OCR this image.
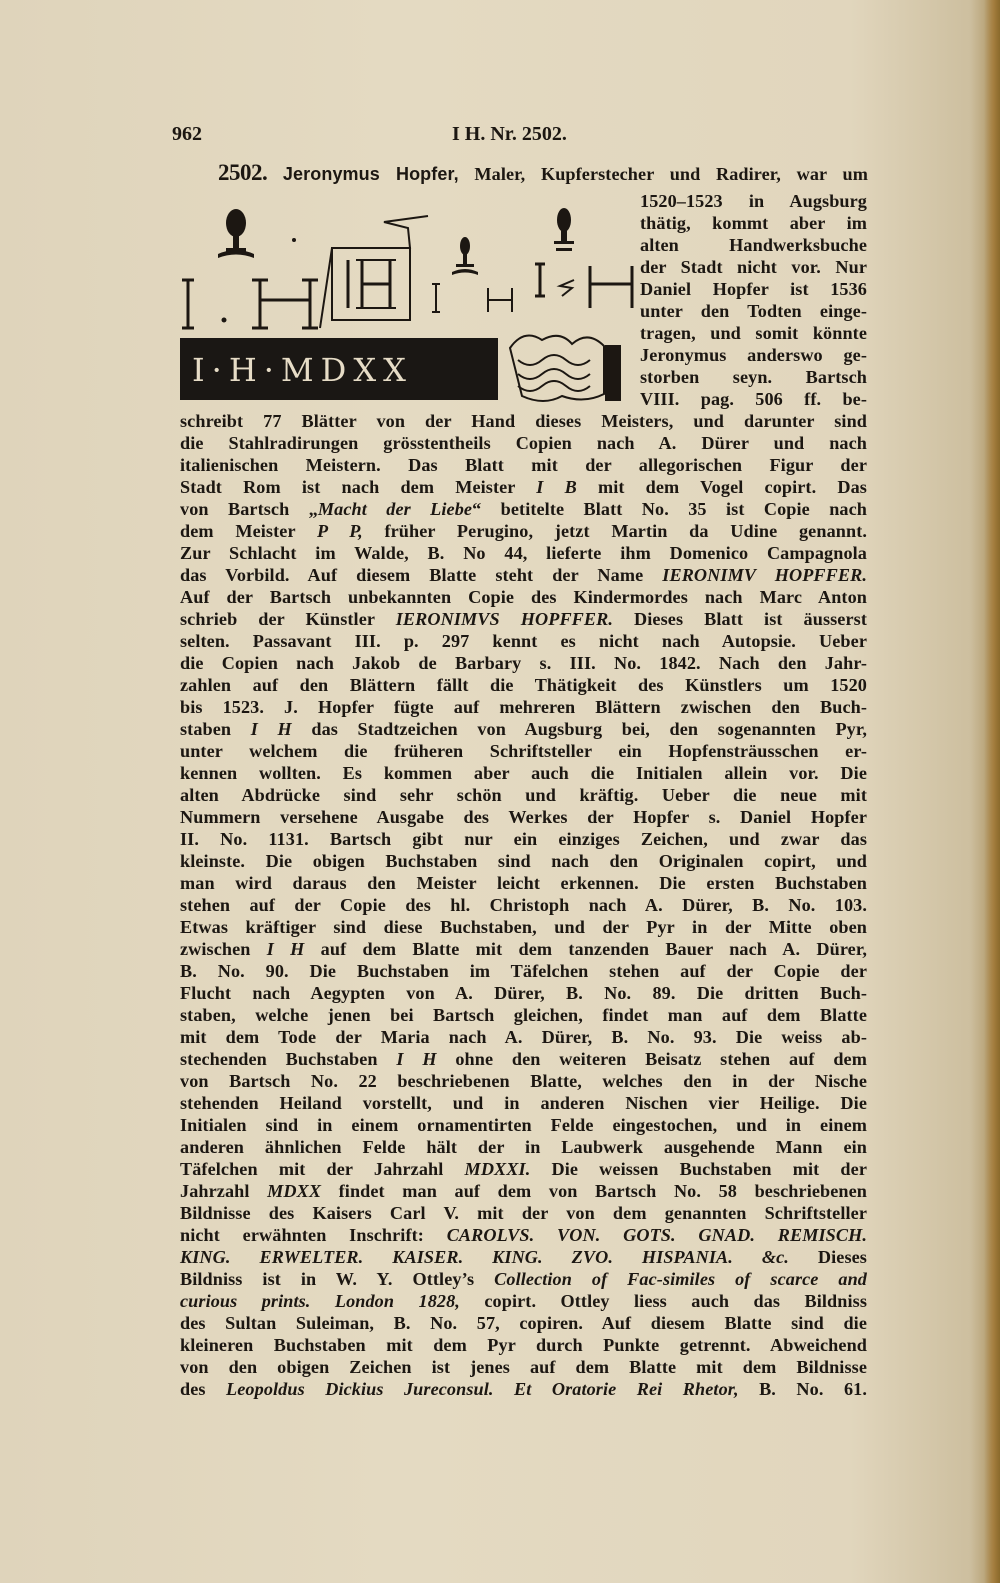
962	I H. Nr. 2502.
I·H·MDXX
2502. Jeronymus Hopfer, Maler, Kupferstecher und Radirer, war um
1520–1523 in Augsburg
thätig, kommt aber im
alten Handwerksbuche
der Stadt nicht vor. Nur
Daniel Hopfer ist 1536
unter den Todten einge-
tragen, und somit könnte
Jeronymus anderswo ge-
storben seyn. Bartsch
VIII. pag. 506 ff. be-
schreibt 77 Blätter von der Hand dieses Meisters, und darunter sind
die Stahlradirungen grösstentheils Copien nach A. Dürer und nach
italienischen Meistern. Das Blatt mit der allegorischen Figur der
Stadt Rom ist nach dem Meister I B mit dem Vogel copirt. Das
von Bartsch „Macht der Liebe“ betitelte Blatt No. 35 ist Copie nach
dem Meister P P, früher Perugino, jetzt Martin da Udine genannt.
Zur Schlacht im Walde, B. No 44, lieferte ihm Domenico Campagnola
das Vorbild. Auf diesem Blatte steht der Name IERONIMV HOPFFER.
Auf der Bartsch unbekannten Copie des Kindermordes nach Marc Anton
schrieb der Künstler IERONIMVS HOPFFER. Dieses Blatt ist äusserst
selten. Passavant III. p. 297 kennt es nicht nach Autopsie. Ueber
die Copien nach Jakob de Barbary s. III. No. 1842. Nach den Jahr-
zahlen auf den Blättern fällt die Thätigkeit des Künstlers um 1520
bis 1523. J. Hopfer fügte auf mehreren Blättern zwischen den Buch-
staben I H das Stadtzeichen von Augsburg bei, den sogenannten Pyr,
unter welchem die früheren Schriftsteller ein Hopfensträusschen er-
kennen wollten. Es kommen aber auch die Initialen allein vor. Die
alten Abdrücke sind sehr schön und kräftig. Ueber die neue mit
Nummern versehene Ausgabe des Werkes der Hopfer s. Daniel Hopfer
II. No. 1131. Bartsch gibt nur ein einziges Zeichen, und zwar das
kleinste. Die obigen Buchstaben sind nach den Originalen copirt, und
man wird daraus den Meister leicht erkennen. Die ersten Buchstaben
stehen auf der Copie des hl. Christoph nach A. Dürer, B. No. 103.
Etwas kräftiger sind diese Buchstaben, und der Pyr in der Mitte oben
zwischen I H auf dem Blatte mit dem tanzenden Bauer nach A. Dürer,
B. No. 90. Die Buchstaben im Täfelchen stehen auf der Copie der
Flucht nach Aegypten von A. Dürer, B. No. 89. Die dritten Buch-
staben, welche jenen bei Bartsch gleichen, findet man auf dem Blatte
mit dem Tode der Maria nach A. Dürer, B. No. 93. Die weiss ab-
stechenden Buchstaben I H ohne den weiteren Beisatz stehen auf dem
von Bartsch No. 22 beschriebenen Blatte, welches den in der Nische
stehenden Heiland vorstellt, und in anderen Nischen vier Heilige. Die
Initialen sind in einem ornamentirten Felde eingestochen, und in einem
anderen ähnlichen Felde hält der in Laubwerk ausgehende Mann ein
Täfelchen mit der Jahrzahl MDXXI. Die weissen Buchstaben mit der
Jahrzahl MDXX findet man auf dem von Bartsch No. 58 beschriebenen
Bildnisse des Kaisers Carl V. mit der von dem genannten Schriftsteller
nicht erwähnten Inschrift: CAROLVS. VON. GOTS. GNAD. REMISCH.
KING. ERWELTER. KAISER. KING. ZVO. HISPANIA. &c. Dieses
Bildniss ist in W. Y. Ottley’s Collection of Fac-similes of scarce and
curious prints. London 1828, copirt. Ottley liess auch das Bildniss
des Sultan Suleiman, B. No. 57, copiren. Auf diesem Blatte sind die
kleineren Buchstaben mit dem Pyr durch Punkte getrennt. Abweichend
von den obigen Zeichen ist jenes auf dem Blatte mit dem Bildnisse
des Leopoldus Dickius Jureconsul. Et Oratorie Rei Rhetor, B. No. 61.
